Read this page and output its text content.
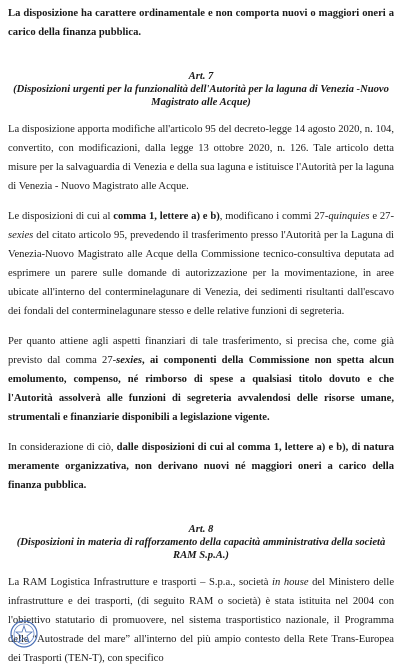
La disposizione ha carattere ordinamentale e non comporta nuovi o maggiori oneri a carico della finanza pubblica.

Art. 7
(Disposizioni urgenti per la funzionalità dell'Autorità per la laguna di Venezia -Nuovo Magistrato alle Acque)

La disposizione apporta modifiche all'articolo 95 del decreto-legge 14 agosto 2020, n. 104, convertito, con modificazioni, dalla legge 13 ottobre 2020, n. 126. Tale articolo detta misure per la salvaguardia di Venezia e della sua laguna e istituisce l'Autorità per la laguna di Venezia - Nuovo Magistrato alle Acque.

Le disposizioni di cui al comma 1, lettere a) e b), modificano i commi 27-quinquies e 27-sexies del citato articolo 95, prevedendo il trasferimento presso l'Autorità per la Laguna di Venezia-Nuovo Magistrato alle Acque della Commissione tecnico-consultiva deputata ad esprimere un parere sulle domande di autorizzazione per la movimentazione, in aree ubicate all'interno del conterminelagunare di Venezia, dei sedimenti risultanti dall'escavo dei fondali del conterminelagunare stesso e delle relative funzioni di segreteria.

Per quanto attiene agli aspetti finanziari di tale trasferimento, si precisa che, come già previsto dal comma 27-sexies, ai componenti della Commissione non spetta alcun emolumento, compenso, né rimborso di spese a qualsiasi titolo dovuto e che l'Autorità assolverà alle funzioni di segreteria avvalendosi delle risorse umane, strumentali e finanziarie disponibili a legislazione vigente.

In considerazione di ciò, dalle disposizioni di cui al comma 1, lettere a) e b), di natura meramente organizzativa, non derivano nuovi né maggiori oneri a carico della finanza pubblica.

Art. 8
(Disposizioni in materia di rafforzamento della capacità amministrativa della società RAM S.p.A.)

La RAM Logistica Infrastrutture e trasporti – S.p.a., società in house del Ministero delle infrastrutture e dei trasporti, (di seguito RAM o società) è stata istituita nel 2004 con l'obiettivo statutario di promuovere, nel sistema trasportistico nazionale, il Programma delle “Autostrade del mare” all'interno del più ampio contesto della Rete Trans-Europea dei Trasporti (TEN-T), con specifico
